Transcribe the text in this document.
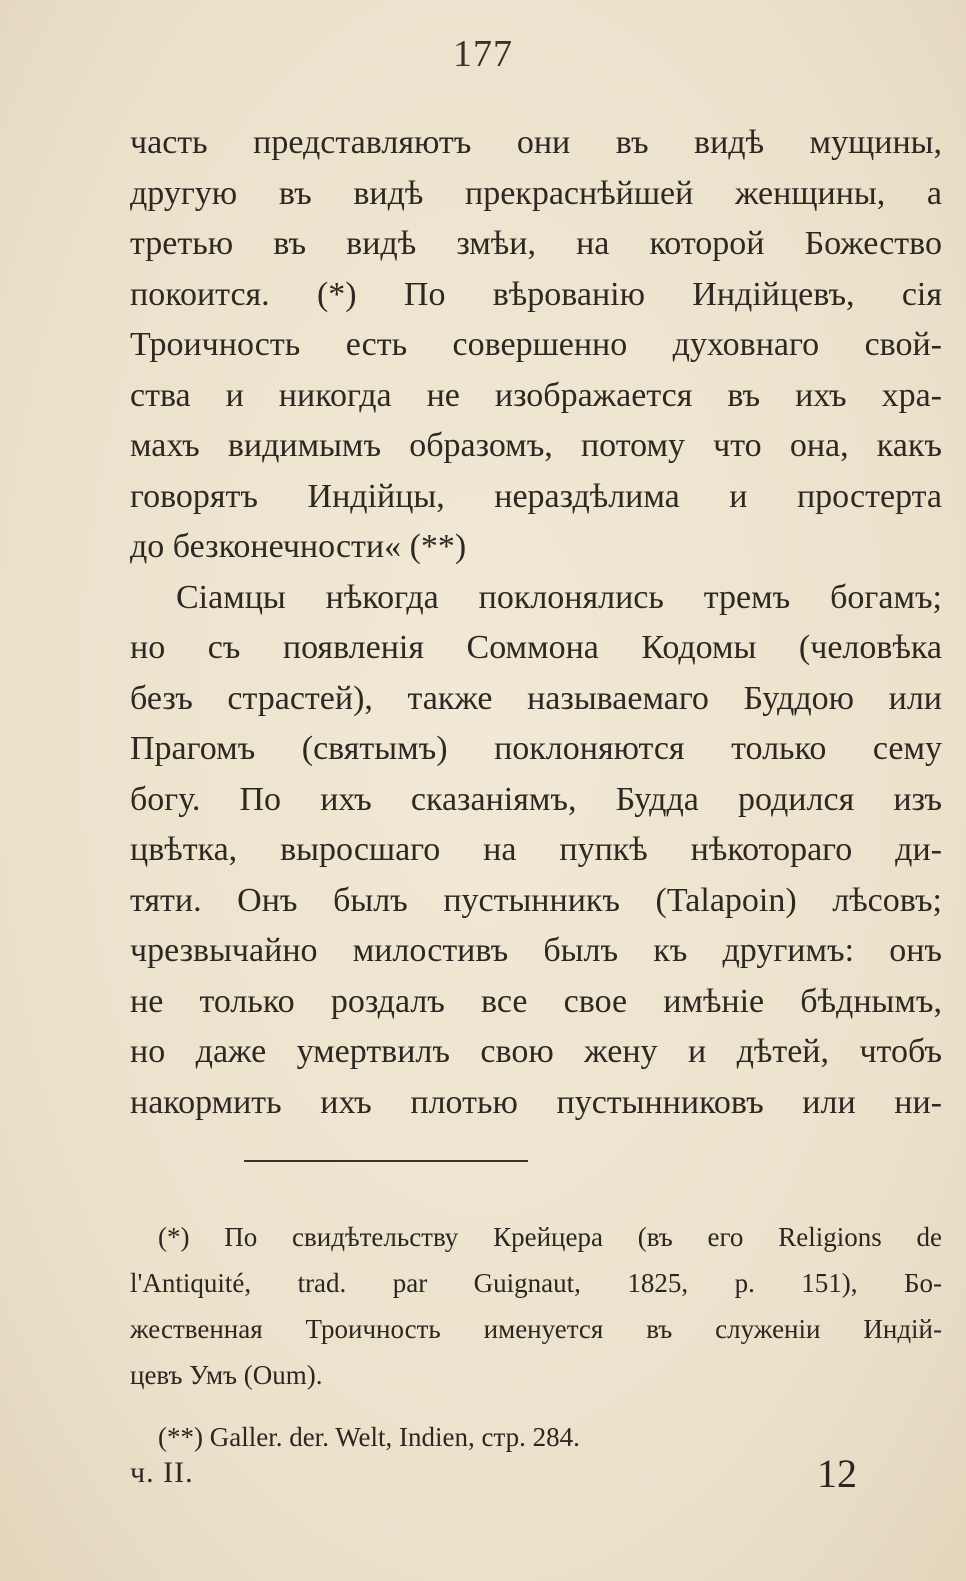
177
часть представляютъ они въ видѣ мущины,
другую въ видѣ прекраснѣйшей женщины, а
третью въ видѣ змѣи, на которой Божество
покоится. (*) По вѣрованію Индійцевъ, сія
Троичность есть совершенно духовнаго свой-
ства и никогда не изображается въ ихъ хра-
махъ видимымъ образомъ, потому что она, какъ
говорятъ Индійцы, нераздѣлима и простерта
до безконечности« (**)
Сіамцы нѣкогда поклонялись тремъ богамъ;
но съ появленія Соммона Кодомы (человѣка
безъ страстей), также называемаго Буддою или
Прагомъ (святымъ) поклоняются только сему
богу. По ихъ сказаніямъ, Будда родился изъ
цвѣтка, выросшаго на пупкѣ нѣкотораго ди-
тяти. Онъ былъ пустынникъ (Talapoin) лѣсовъ;
чрезвычайно милостивъ былъ къ другимъ: онъ
не только роздалъ все свое имѣніе бѣднымъ,
но даже умертвилъ свою жену и дѣтей, чтобъ
накормить ихъ плотью пустынниковъ или ни-
(*) По свидѣтельству Крейцера (въ его Religions de
l'Antiquité, trad. par Guignaut, 1825, p. 151), Бо-
жественная Троичность именуется въ служеніи Индій-
цевъ Умъ (Oum).
(**) Galler. der. Welt, Indien, стр. 284.
ч. II.	12
